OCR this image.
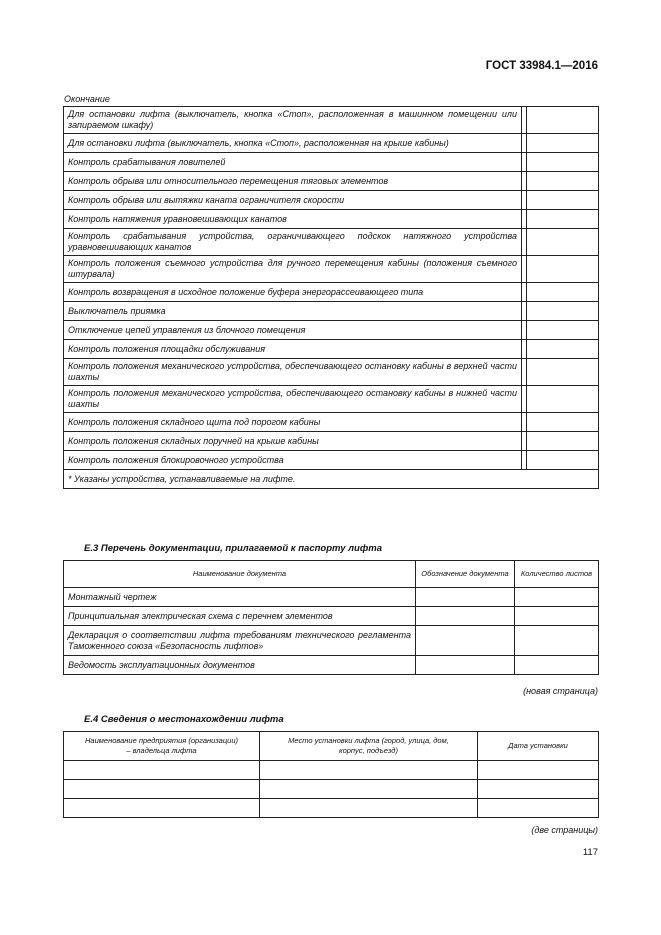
ГОСТ 33984.1—2016
Окончание
Для остановки лифта (выключатель, кнопка «Стоп», расположенная в машинном помещении или запираемом шкафу)		
Для остановки лифта (выключатель, кнопка «Стоп», расположенная на крыше кабины)		
Контроль срабатывания ловителей		
Контроль обрыва или относительного перемещения тяговых элементов		
Контроль обрыва или вытяжки каната ограничителя скорости		
Контроль натяжения уравновешивающих канатов		
Контроль срабатывания устройства, ограничивающего подскок натяжного устройства уравновешивающих канатов		
Контроль положения съемного устройства для ручного перемещения кабины (положения съемного штурвала)		
Контроль возвращения в исходное положение буфера энергорассеивающего типа		
Выключатель приямка		
Отключение цепей управления из блочного помещения		
Контроль положения площадки обслуживания		
Контроль положения механического устройства, обеспечивающего остановку кабины в верхней части шахты		
Контроль положения механического устройства, обеспечивающего остановку кабины в нижней части шахты		
Контроль положения складного щита под порогом кабины		
Контроль положения складных поручней на крыше кабины		
Контроль положения блокировочного устройства		
* Указаны устройства, устанавливаемые на лифте.		
Е.3 Перечень документации, прилагаемой к паспорту лифта
Наименование документа	Обозначение документа	Количество листов
Монтажный чертеж		
Принципиальная электрическая схема с перечнем элементов		
Декларация о соответствии лифта требованиям технического регламента Таможенного союза «Безопасность лифтов»		
Ведомость эксплуатационных документов		
(новая страница)
Е.4 Сведения о местонахождении лифта
Наименование предприятия (организации) – владельца лифта	Место установки лифта (город, улица, дом, корпус, подъезд)	Дата установки

(две страницы)
117
